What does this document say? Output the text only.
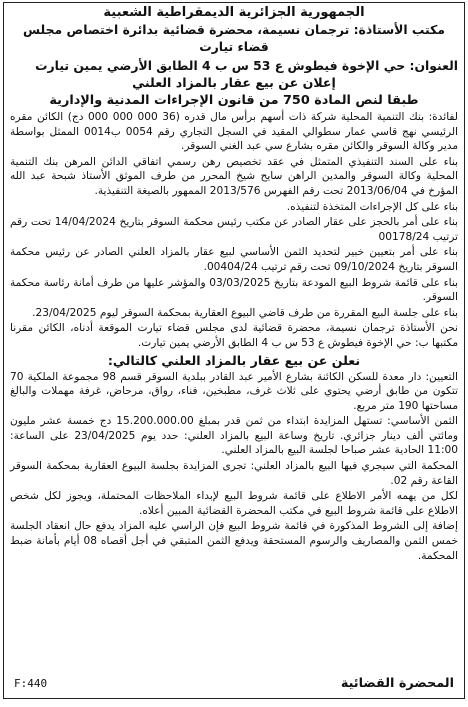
الجمهورية الجزائرية الديمقراطية الشعبية
مكتب الأستاذة: ترجمان نسيمة، محضرة قضائية بدائرة اختصاص مجلس
قضاء تيارت
العنوان: حي الإخوة فيطوش ع 53 س ب 4 الطابق الأرضي يمين تيارت
إعلان عن بيع عقار بالمزاد العلني
طبقا لنص المادة 750 من قانون الإجراءات المدنية والإدارية

لفائدة: بنك التنمية المحلية شركة ذات أسهم برأس مال قدره (36 000 000 000 دج) الكائن مقره الرئيسي نهج قاسي عمار سطوالي المقيد في السجل التجاري رقم 0054 ب0014 الممثل بواسطة مدير وكالة السوقر والكائن مقره بشارع سي عبد الغني السوقر.

بناء على السند التنفيذي المتمثل في عقد تخصيص رهن رسمي اتفاقي الدائن المرهن بنك التنمية المحلية وكالة السوقر والمدين الراهن سايح شيخ المحرر من طرف الموثق الأستاذ شبحة عبد الله المؤرخ في 2013/06/04 تحت رقم الفهرس 2013/576 الممهور بالصيغة التنفيذية.

بناء على كل الإجراءات المتخذة لتنفيذه.

بناء على أمر بالحجز على عقار الصادر عن مكتب رئيس محكمة السوقر بتاريخ 14/04/2024 تحت رقم ترتيب 00178/24

بناء على أمر بتعيين خبير لتحديد الثمن الأساسي لبيع عقار بالمزاد العلني الصادر عن رئيس محكمة السوقر بتاريخ 09/10/2024 تحت رقم ترتيب 00404/24.

بناء على قائمة شروط البيع المودعة بتاريخ 03/03/2025 والمؤشر عليها من طرف أمانة رئاسة محكمة السوقر.

بناء على جلسة البيع المقررة من طرف قاضي البيوع العقارية بمحكمة السوقر ليوم 23/04/2025.

نحن الأستاذة ترجمان نسيمة، محضرة قضائية لدى مجلس قضاء تيارت الموقعة أدناه، الكائن مقرنا مكتبها ب: حي الإخوة فيطوش ع 53 س ب 4 الطابق الأرضي يمين تيارت.

نعلن عن بيع عقار بالمزاد العلني كالتالي:

التعيين: دار معدة للسكن الكائنة بشارع الأمير عبد القادر ببلدية السوقر قسم 98 مجموعة الملكية 70 تتكون من طابق أرضي يحتوي على ثلاث غرف، مطبخين، فناء، رواق، مرحاض، غرفة مهملات والبالغ مساحتها 190 متر مربع.

الثمن الأساسي: تستهل المزايدة ابتداء من ثمن قدر بمبلغ 15.200.000.00 دج خمسة عشر مليون ومائتي ألف دينار جزائري. تاريخ وساعة البيع بالمزاد العلني: حدد يوم 23/04/2025 على الساعة: 11:00 الحادية عشر صباحا لجلسة البيع بالمزاد العلني.

المحكمة التي سيجري فيها البيع بالمزاد العلني: تجرى المزايدة بجلسة البيوع العقارية بمحكمة السوقر القاعة رقم 02.

لكل من يهمه الأمر الاطلاع على قائمة شروط البيع لإبداء الملاحظات المحتملة، ويجوز لكل شخص الاطلاع على قائمة شروط البيع في مكتب المحضرة القضائية المبين أعلاه.

إضافة إلى الشروط المذكورة في قائمة شروط البيع فإن الراسي عليه المزاد يدفع حال انعقاد الجلسة خمس الثمن والمصاريف والرسوم المستحقة ويدفع الثمن المتبقي في أجل أقصاه 08 أيام بأمانة ضبط المحكمة.

المحضرة القضائية
F:440
